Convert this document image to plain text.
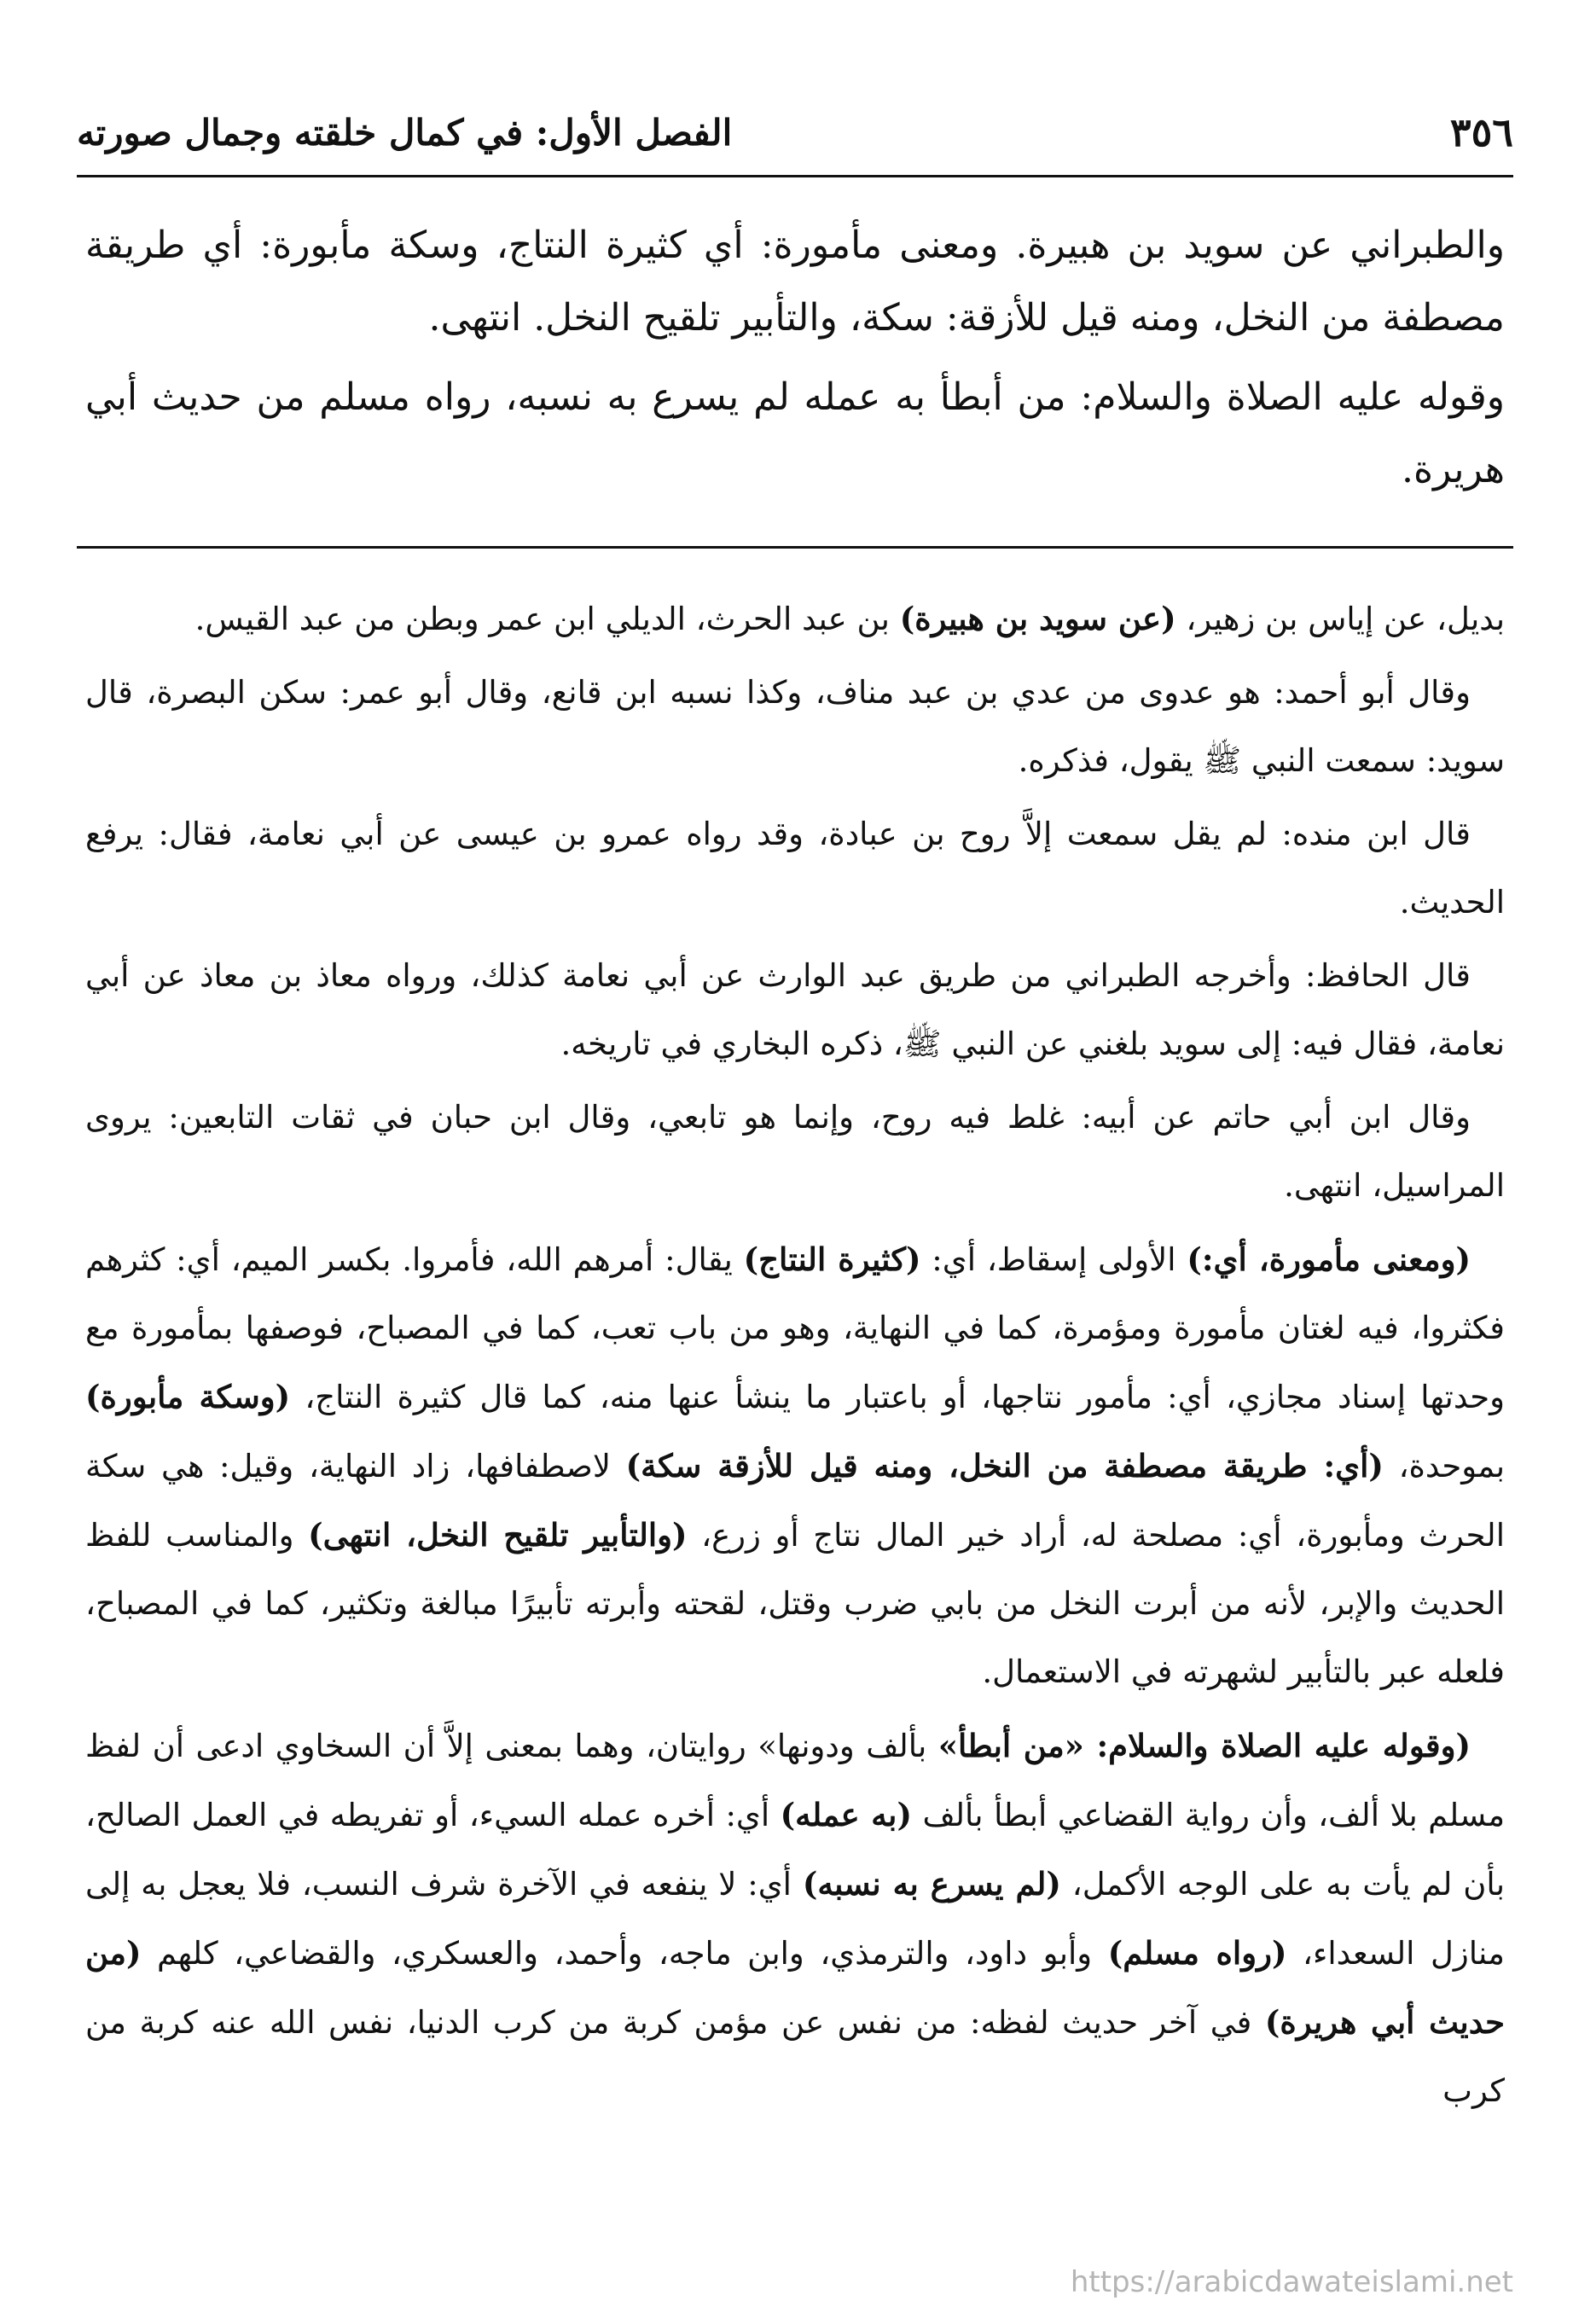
٣٥٦
الفصل الأول: في كمال خلقته وجمال صورته

والطبراني عن سويد بن هبيرة. ومعنى مأمورة: أي كثيرة النتاج، وسكة مأبورة: أي طريقة مصطفة من النخل، ومنه قيل للأزقة: سكة، والتأبير تلقيح النخل. انتهى.

وقوله عليه الصلاة والسلام: من أبطأ به عمله لم يسرع به نسبه، رواه مسلم من حديث أبي هريرة.

بديل، عن إياس بن زهير، (عن سويد بن هبيرة) بن عبد الحرث، الديلي ابن عمر وبطن من عبد القيس.

وقال أبو أحمد: هو عدوى من عدي بن عبد مناف، وكذا نسبه ابن قانع، وقال أبو عمر: سكن البصرة، قال سويد: سمعت النبي ﷺ يقول، فذكره.

قال ابن منده: لم يقل سمعت إلاَّ روح بن عبادة، وقد رواه عمرو بن عيسى عن أبي نعامة، فقال: يرفع الحديث.

قال الحافظ: وأخرجه الطبراني من طريق عبد الوارث عن أبي نعامة كذلك، ورواه معاذ بن معاذ عن أبي نعامة، فقال فيه: إلى سويد بلغني عن النبي ﷺ، ذكره البخاري في تاريخه.

وقال ابن أبي حاتم عن أبيه: غلط فيه روح، وإنما هو تابعي، وقال ابن حبان في ثقات التابعين: يروى المراسيل، انتهى.

(ومعنى مأمورة، أي:) الأولى إسقاط، أي: (كثيرة النتاج) يقال: أمرهم الله، فأمروا. بكسر الميم، أي: كثرهم فكثروا، فيه لغتان مأمورة ومؤمرة، كما في النهاية، وهو من باب تعب، كما في المصباح، فوصفها بمأمورة مع وحدتها إسناد مجازي، أي: مأمور نتاجها، أو باعتبار ما ينشأ عنها منه، كما قال كثيرة النتاج، (وسكة مأبورة) بموحدة، (أي: طريقة مصطفة من النخل، ومنه قيل للأزقة سكة) لاصطفافها، زاد النهاية، وقيل: هي سكة الحرث ومأبورة، أي: مصلحة له، أراد خير المال نتاج أو زرع، (والتأبير تلقيح النخل، انتهى) والمناسب للفظ الحديث والإبر، لأنه من أبرت النخل من بابي ضرب وقتل، لقحته وأبرته تأبيرًا مبالغة وتكثير، كما في المصباح، فلعله عبر بالتأبير لشهرته في الاستعمال.

(وقوله عليه الصلاة والسلام: «من أبطأ» بألف ودونها» روايتان، وهما بمعنى إلاَّ أن السخاوي ادعى أن لفظ مسلم بلا ألف، وأن رواية القضاعي أبطأ بألف (به عمله) أي: أخره عمله السيء، أو تفريطه في العمل الصالح، بأن لم يأت به على الوجه الأكمل، (لم يسرع به نسبه) أي: لا ينفعه في الآخرة شرف النسب، فلا يعجل به إلى منازل السعداء، (رواه مسلم) وأبو داود، والترمذي، وابن ماجه، وأحمد، والعسكري، والقضاعي، كلهم (من حديث أبي هريرة) في آخر حديث لفظه: من نفس عن مؤمن كربة من كرب الدنيا، نفس الله عنه كربة من كرب

https://arabicdawateislami.net
